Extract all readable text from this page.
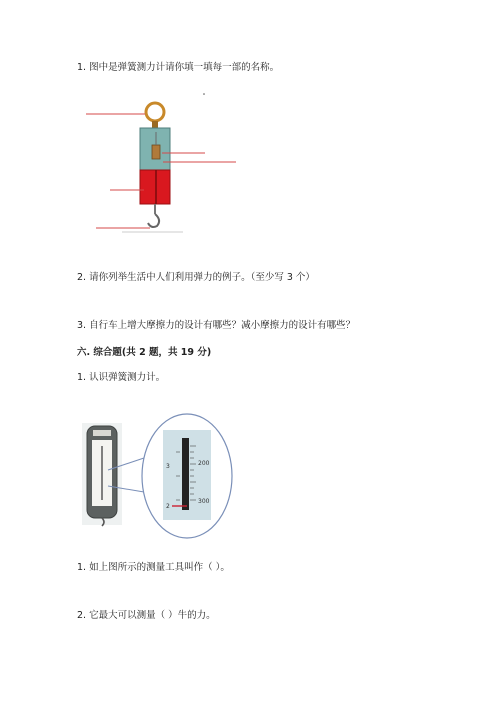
1. 图中是弹簧测力计请你填一填每一部的名称。
2. 请你列举生活中人们利用弹力的例子。（至少写 3 个）
3. 自行车上增大摩擦力的设计有哪些？减小摩擦力的设计有哪些？
六. 综合题(共 2 题，共 19 分)
1. 认识弹簧测力计。
3
2
200
300
1. 如上图所示的测量工具叫作（ ）。
2. 它最大可以测量（ ）牛的力。
